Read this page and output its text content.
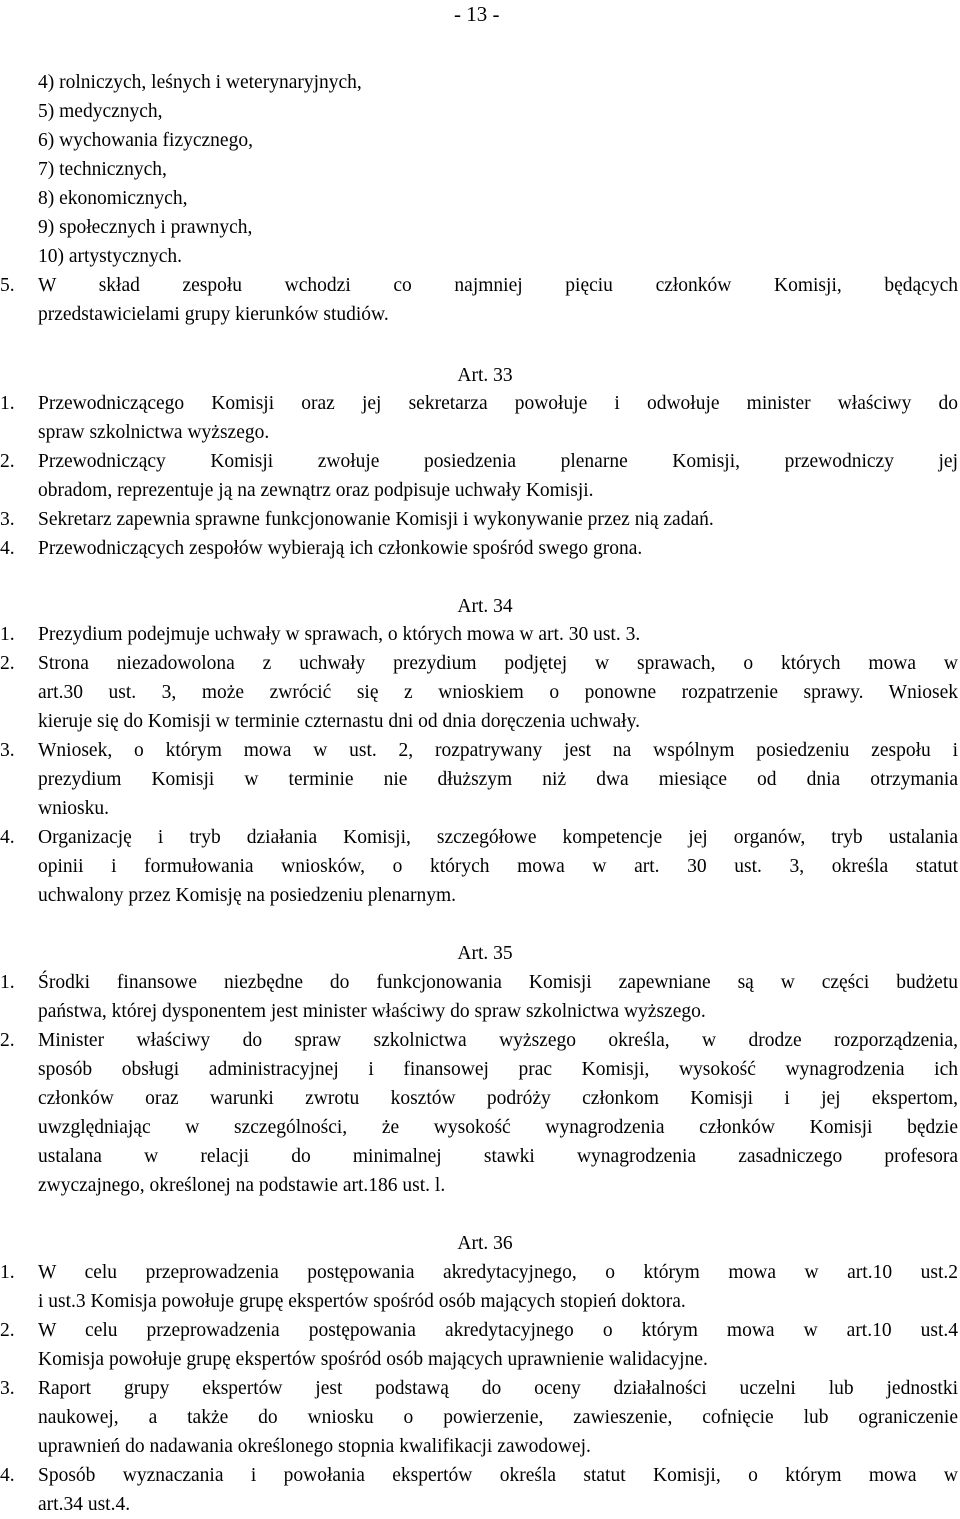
- 13 -
4) rolniczych, leśnych i weterynaryjnych,
5) medycznych,
6) wychowania fizycznego,
7) technicznych,
8) ekonomicznych,
9) społecznych i prawnych,
10) artystycznych.
5. W skład zespołu wchodzi co najmniej pięciu członków Komisji, będących
przedstawicielami grupy kierunków studiów.
Art. 33
1. Przewodniczącego Komisji oraz jej sekretarza powołuje i odwołuje minister właściwy do
spraw szkolnictwa wyższego.
2. Przewodniczący Komisji zwołuje posiedzenia plenarne Komisji, przewodniczy jej
obradom, reprezentuje ją na zewnątrz oraz podpisuje uchwały Komisji.
3. Sekretarz zapewnia sprawne funkcjonowanie Komisji i wykonywanie przez nią zadań.
4. Przewodniczących zespołów wybierają ich członkowie spośród swego grona.
Art. 34
1. Prezydium podejmuje uchwały w sprawach, o których mowa w art. 30 ust. 3.
2. Strona niezadowolona z uchwały prezydium podjętej w sprawach, o których mowa w
art.30 ust. 3, może zwrócić się z wnioskiem o ponowne rozpatrzenie sprawy. Wniosek
kieruje się do Komisji w terminie czternastu dni od dnia doręczenia uchwały.
3. Wniosek, o którym mowa w ust. 2, rozpatrywany jest na wspólnym posiedzeniu zespołu i
prezydium Komisji w terminie nie dłuższym niż dwa miesiące od dnia otrzymania
wniosku.
4. Organizację i tryb działania Komisji, szczegółowe kompetencje jej organów, tryb ustalania
opinii i formułowania wniosków, o których mowa w art. 30 ust. 3, określa statut
uchwalony przez Komisję na posiedzeniu plenarnym.
Art. 35
1. Środki finansowe niezbędne do funkcjonowania Komisji zapewniane są w części budżetu
państwa, której dysponentem jest minister właściwy do spraw szkolnictwa wyższego.
2. Minister właściwy do spraw szkolnictwa wyższego określa, w drodze rozporządzenia,
sposób obsługi administracyjnej i finansowej prac Komisji, wysokość wynagrodzenia ich
członków oraz warunki zwrotu kosztów podróży członkom Komisji i jej ekspertom,
uwzględniając w szczególności, że wysokość wynagrodzenia członków Komisji będzie
ustalana w relacji do minimalnej stawki wynagrodzenia zasadniczego profesora
zwyczajnego, określonej na podstawie art.186 ust. l.
Art. 36
1. W celu przeprowadzenia postępowania akredytacyjnego, o którym mowa w art.10 ust.2
i ust.3 Komisja powołuje grupę ekspertów spośród osób mających stopień doktora.
2. W celu przeprowadzenia postępowania akredytacyjnego o którym mowa w art.10 ust.4
Komisja powołuje grupę ekspertów spośród osób mających uprawnienie walidacyjne.
3. Raport grupy ekspertów jest podstawą do oceny działalności uczelni lub jednostki
naukowej, a także do wniosku o powierzenie, zawieszenie, cofnięcie lub ograniczenie
uprawnień do nadawania określonego stopnia kwalifikacji zawodowej.
4. Sposób wyznaczania i powołania ekspertów określa statut Komisji, o którym mowa w
art.34 ust.4.
